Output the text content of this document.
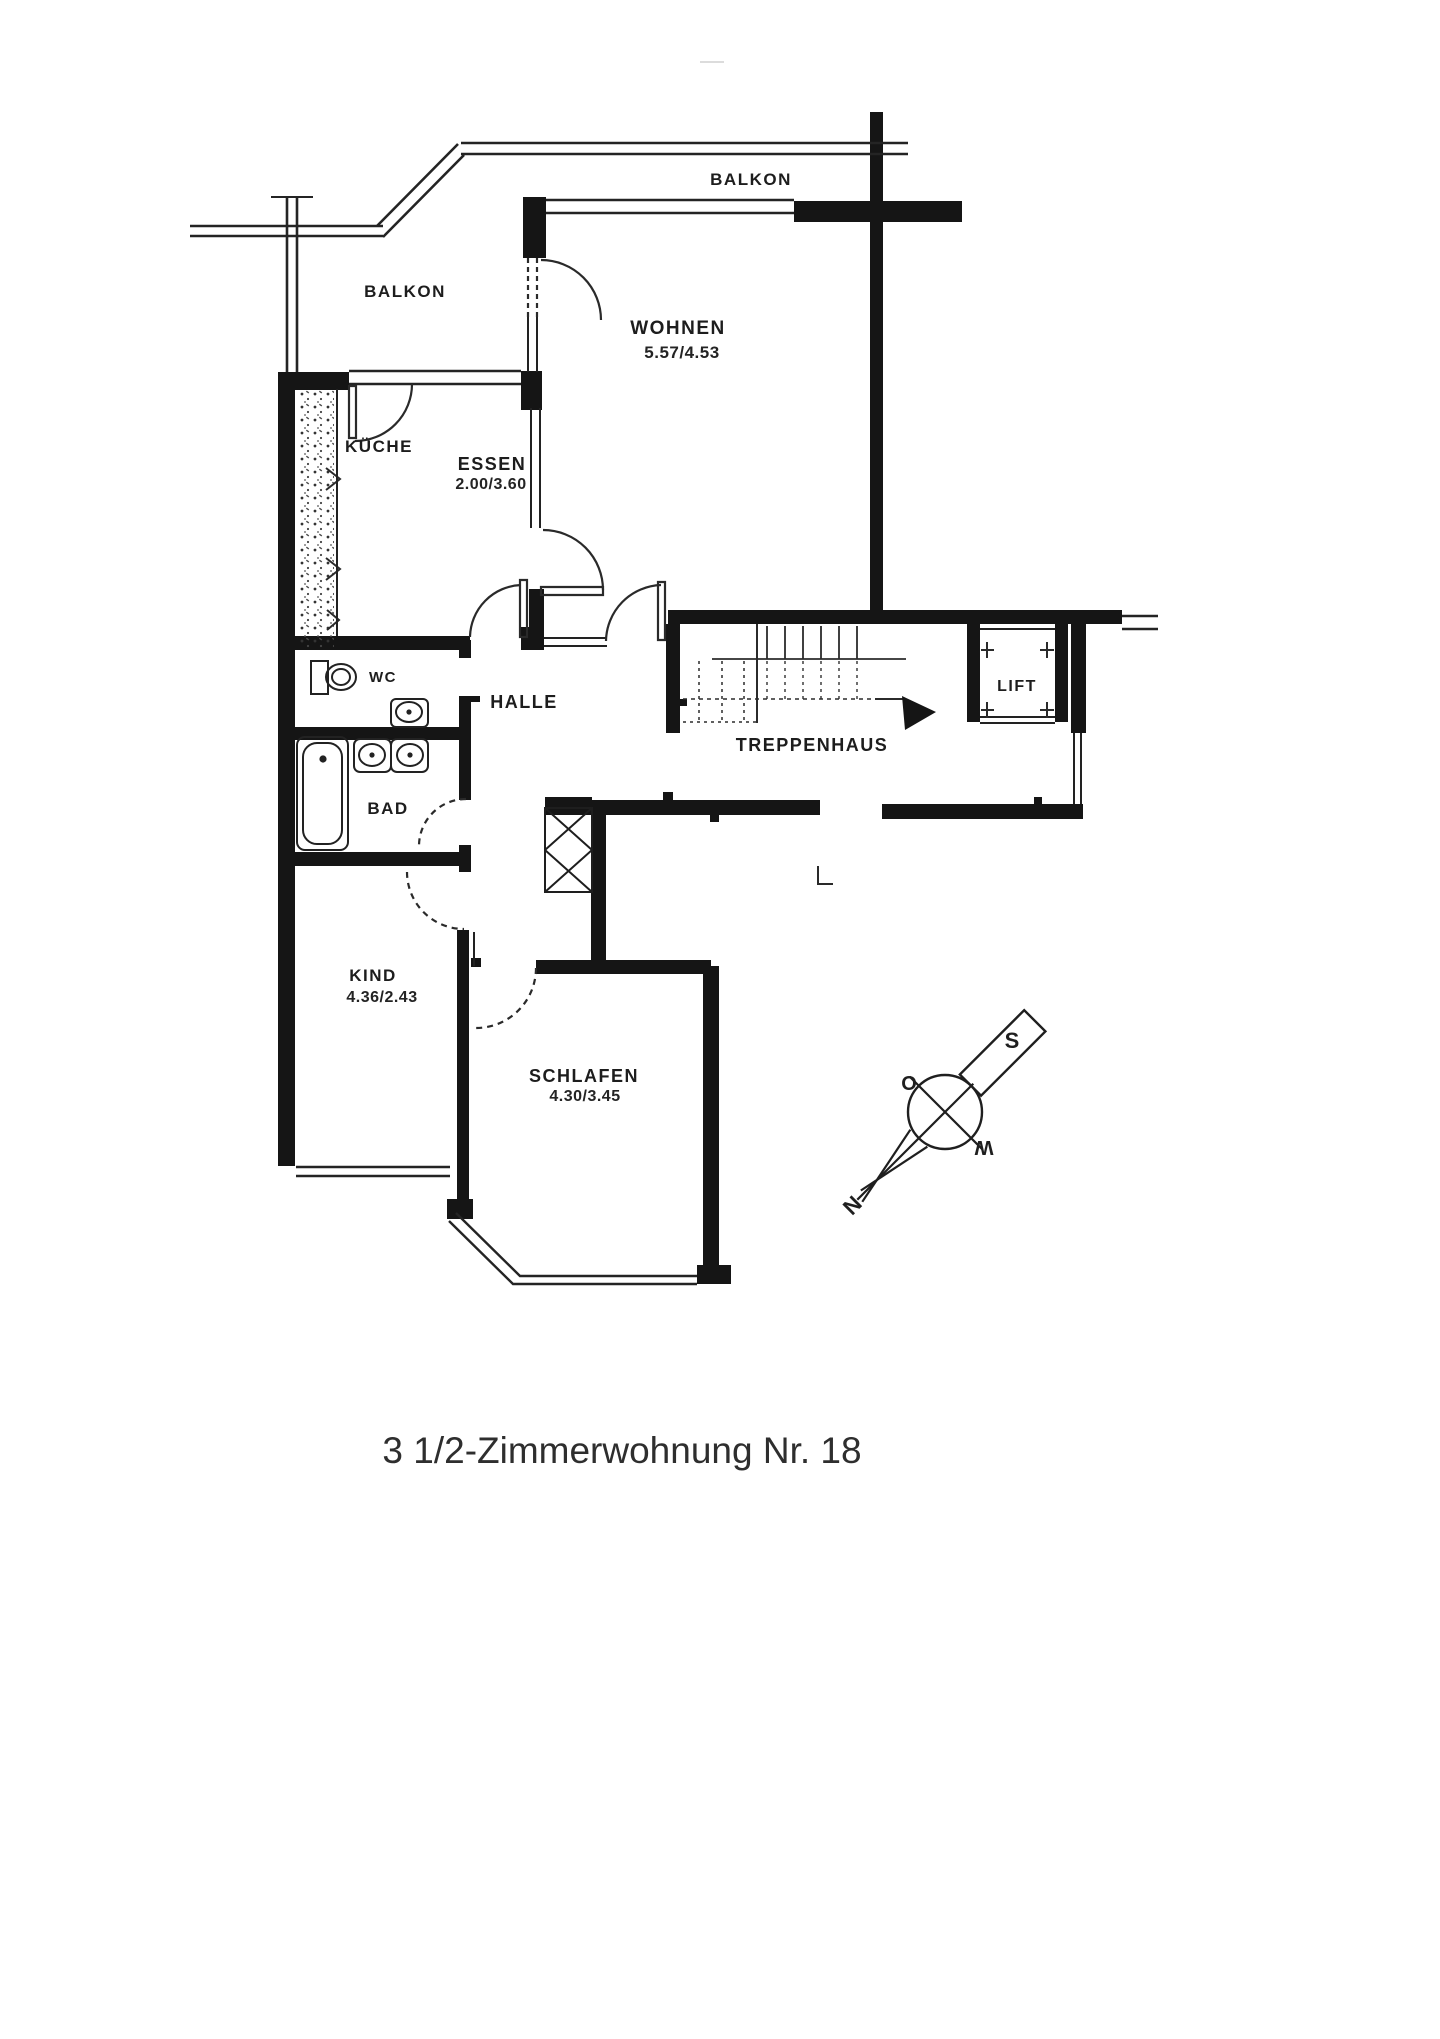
S
O
W
N
BALKON
BALKON
WOHNEN
5.57/4.53
KÜCHE
ESSEN
2.00/3.60
WC
HALLE
BAD
TREPPENHAUS
LIFT
KIND
4.36/2.43
SCHLAFEN
4.30/3.45
3 1/2-Zimmerwohnung Nr. 18
